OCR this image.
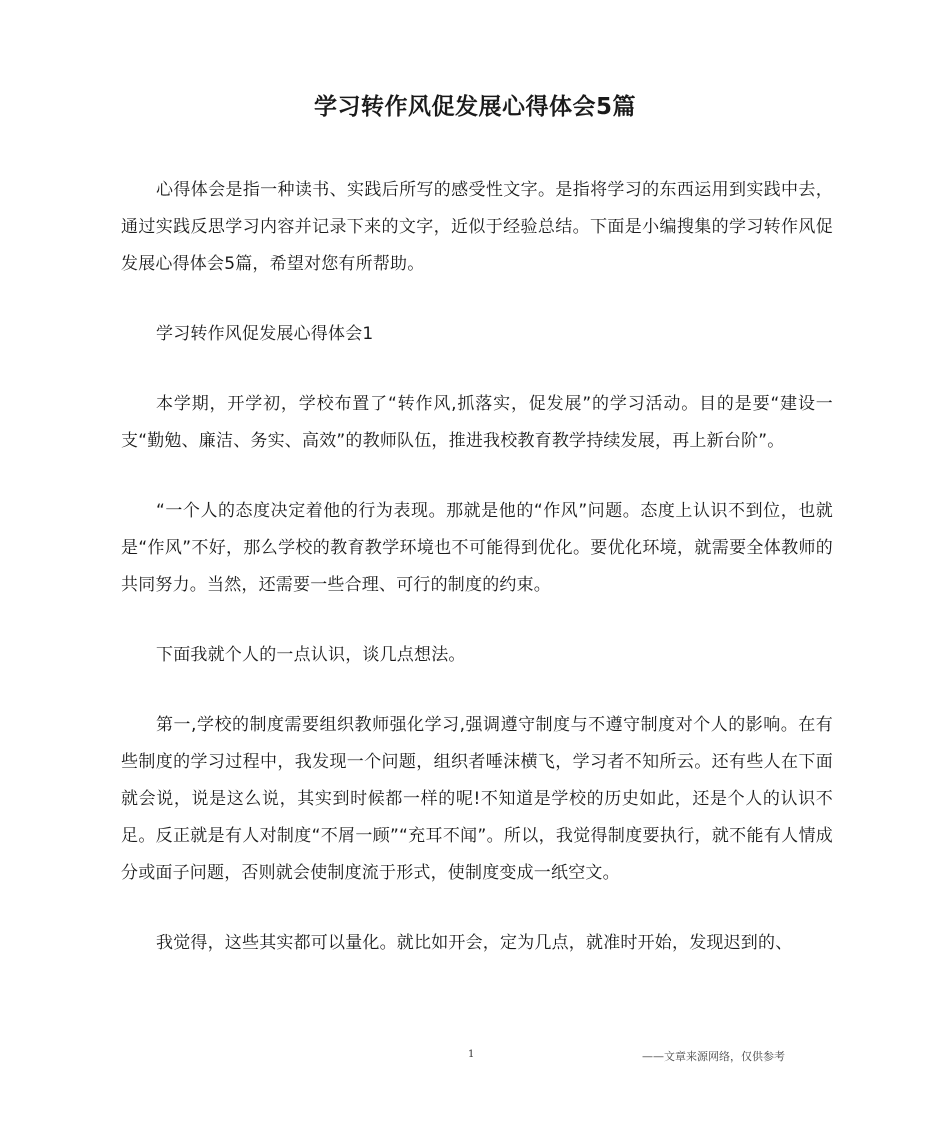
学习转作风促发展心得体会5篇

心得体会是指一种读书、实践后所写的感受性文字。是指将学习的东西运用到实践中去，通过实践反思学习内容并记录下来的文字，近似于经验总结。下面是小编搜集的学习转作风促发展心得体会5篇，希望对您有所帮助。

学习转作风促发展心得体会1

本学期，开学初，学校布置了“转作风,抓落实，促发展”的学习活动。目的是要“建设一支“勤勉、廉洁、务实、高效”的教师队伍，推进我校教育教学持续发展，再上新台阶”。

“一个人的态度决定着他的行为表现。那就是他的“作风”问题。态度上认识不到位，也就是“作风”不好，那么学校的教育教学环境也不可能得到优化。要优化环境，就需要全体教师的共同努力。当然，还需要一些合理、可行的制度的约束。

下面我就个人的一点认识，谈几点想法。

第一,学校的制度需要组织教师强化学习,强调遵守制度与不遵守制度对个人的影响。在有些制度的学习过程中，我发现一个问题，组织者唾沫横飞，学习者不知所云。还有些人在下面就会说，说是这么说，其实到时候都一样的呢!不知道是学校的历史如此，还是个人的认识不足。反正就是有人对制度“不屑一顾”“充耳不闻”。所以，我觉得制度要执行，就不能有人情成分或面子问题，否则就会使制度流于形式，使制度变成一纸空文。

我觉得，这些其实都可以量化。就比如开会，定为几点，就准时开始，发现迟到的、

1	——文章来源网络，仅供参考
